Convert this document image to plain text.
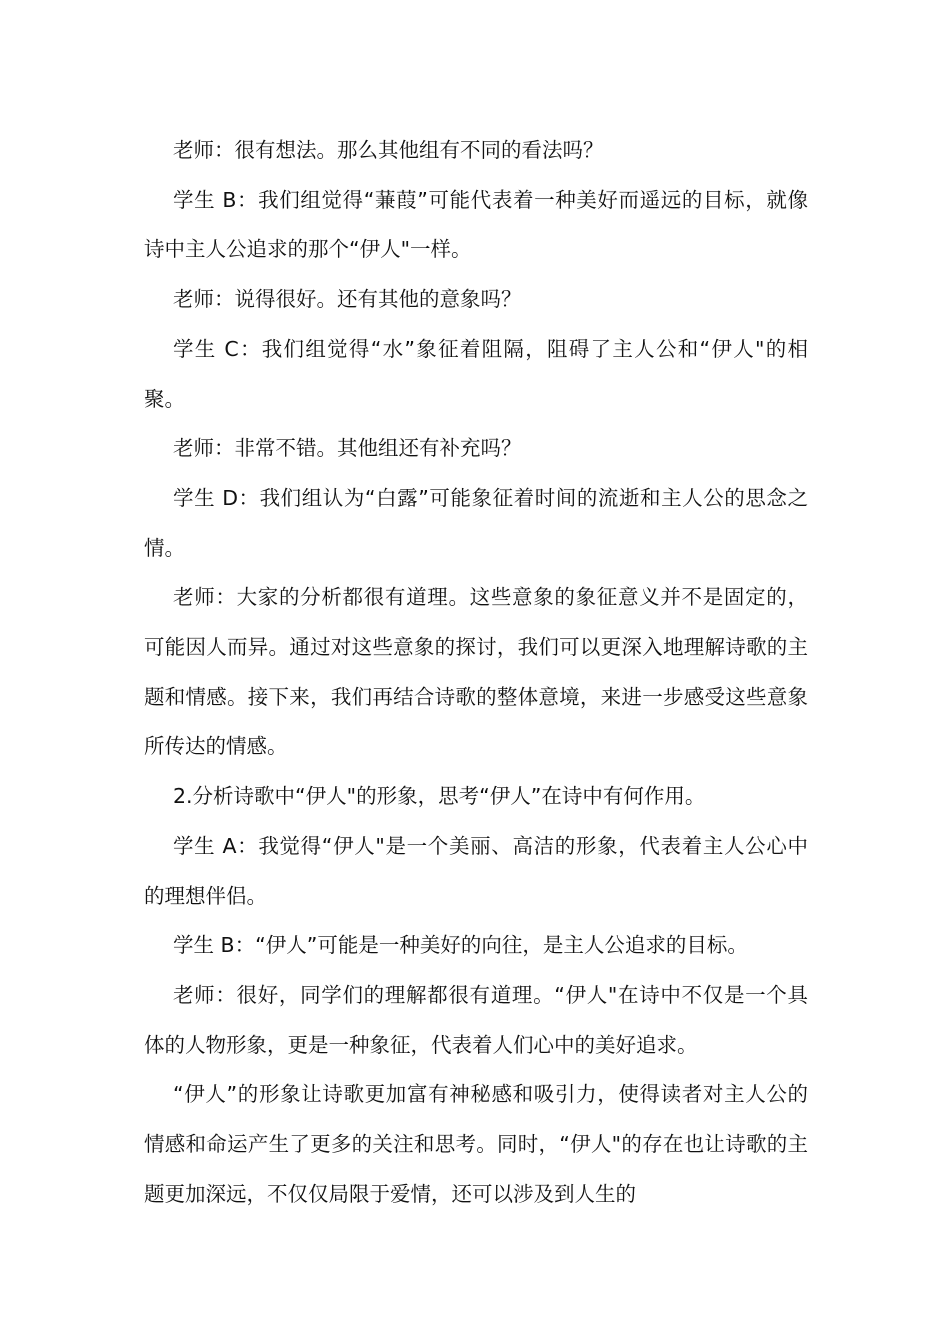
老师：很有想法。那么其他组有不同的看法吗？

学生 B：我们组觉得“蒹葭”可能代表着一种美好而遥远的目标，就像诗中主人公追求的那个“伊人"一样。

老师：说得很好。还有其他的意象吗？

学生 C：我们组觉得“水”象征着阻隔，阻碍了主人公和“伊人"的相聚。

老师：非常不错。其他组还有补充吗？

学生 D：我们组认为“白露”可能象征着时间的流逝和主人公的思念之情。

老师：大家的分析都很有道理。这些意象的象征意义并不是固定的，可能因人而异。通过对这些意象的探讨，我们可以更深入地理解诗歌的主题和情感。接下来，我们再结合诗歌的整体意境，来进一步感受这些意象所传达的情感。

2.分析诗歌中“伊人"的形象，思考“伊人”在诗中有何作用。

学生 A：我觉得“伊人"是一个美丽、高洁的形象，代表着主人公心中的理想伴侣。

学生 B：“伊人”可能是一种美好的向往，是主人公追求的目标。

老师：很好，同学们的理解都很有道理。“伊人"在诗中不仅是一个具体的人物形象，更是一种象征，代表着人们心中的美好追求。

“伊人”的形象让诗歌更加富有神秘感和吸引力，使得读者对主人公的情感和命运产生了更多的关注和思考。同时，“伊人"的存在也让诗歌的主题更加深远，不仅仅局限于爱情，还可以涉及到人生的
